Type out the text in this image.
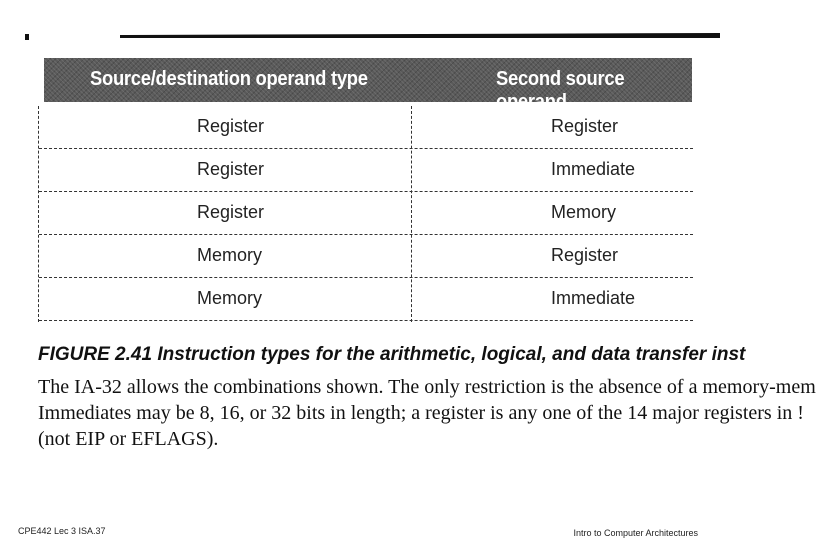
Source/destination operand type	Second source operand
Register	Register
Register	Immediate
Register	Memory
Memory	Register
Memory	Immediate
FIGURE 2.41 Instruction types for the arithmetic, logical, and data transfer inst
The IA-32 allows the combinations shown. The only restriction is the absence of a memory-mem
Immediates may be 8, 16, or 32 bits in length; a register is any one of the 14 major registers in !
(not EIP or EFLAGS).
CPE442 Lec 3 ISA.37	Intro to Computer Architectures
